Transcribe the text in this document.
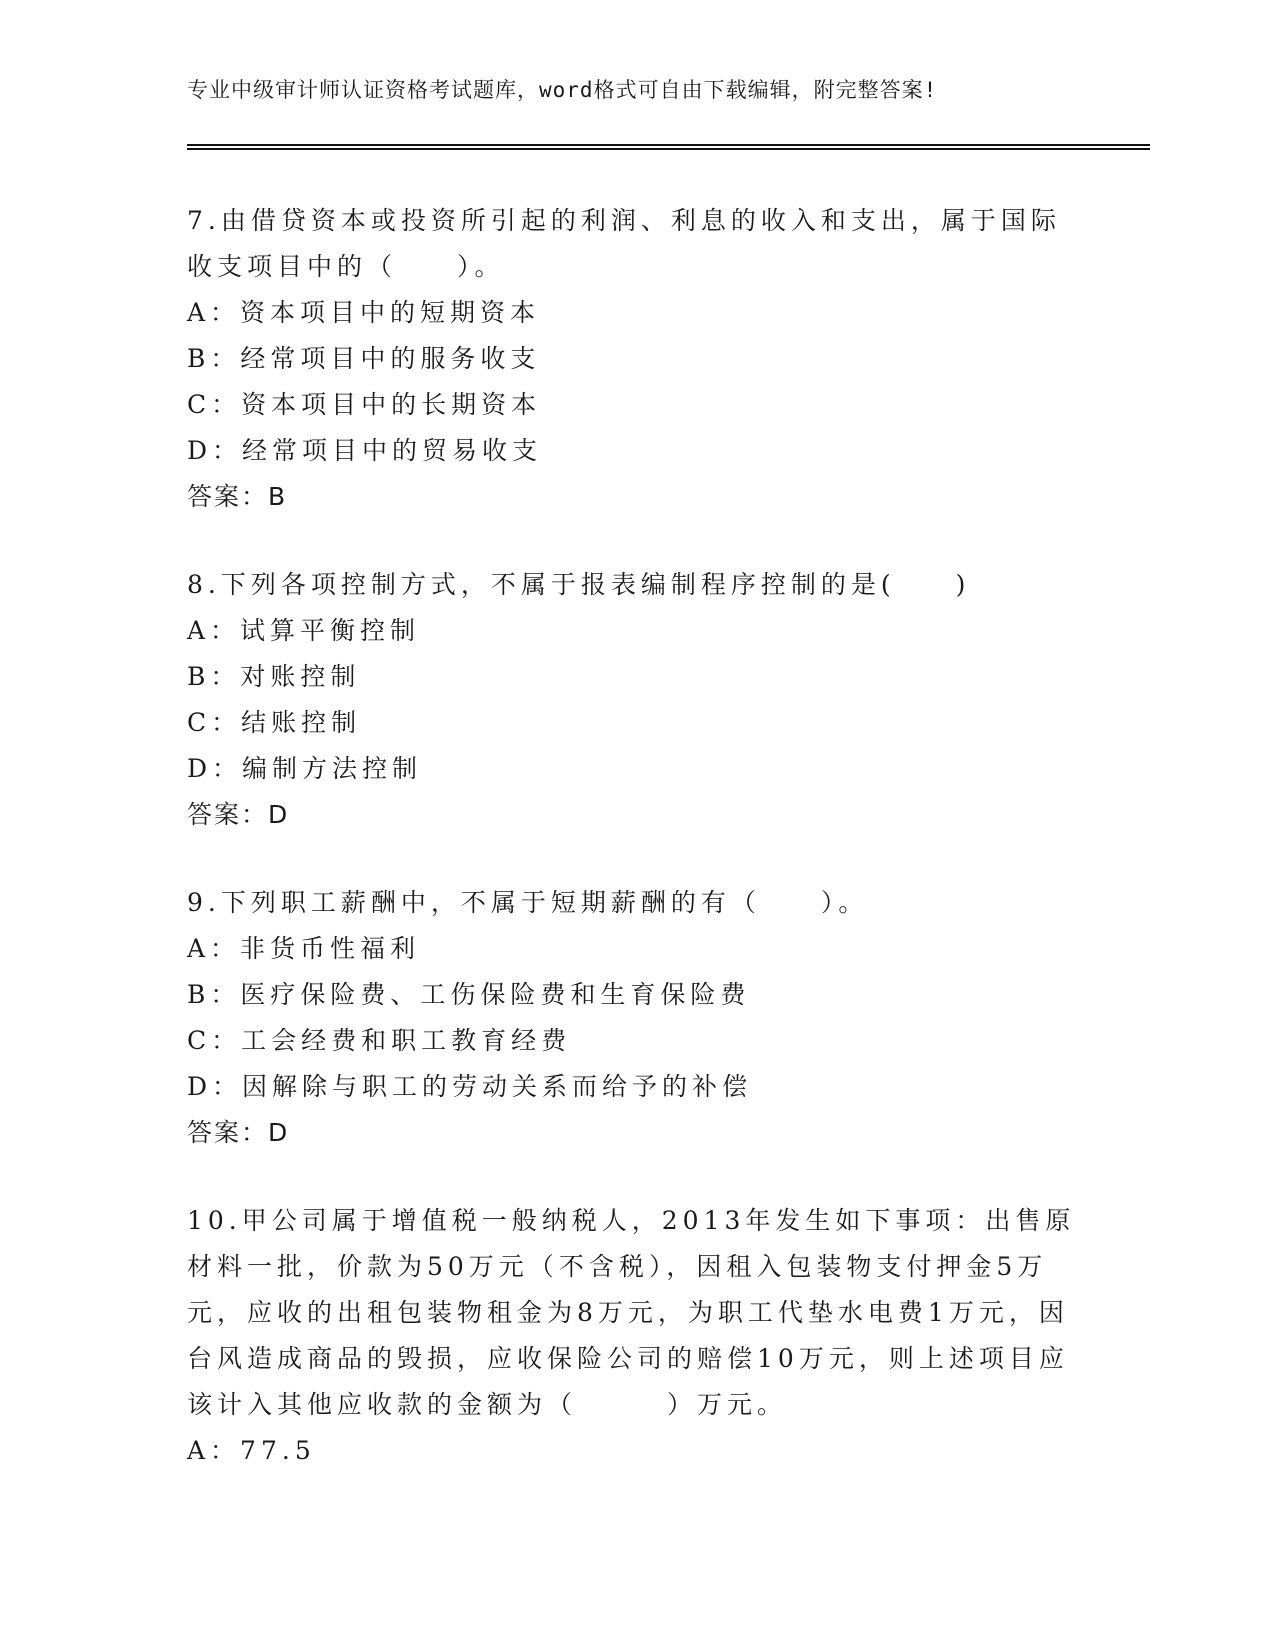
专业中级审计师认证资格考试题库，word格式可自由下载编辑，附完整答案!

7.由借贷资本或投资所引起的利润、利息的收入和支出，属于国际收支项目中的（　　）。

A：资本项目中的短期资本

B：经常项目中的服务收支

C：资本项目中的长期资本

D：经常项目中的贸易收支

答案：B

8.下列各项控制方式，不属于报表编制程序控制的是(　　)

A：试算平衡控制

B：对账控制

C：结账控制

D：编制方法控制

答案：D

9.下列职工薪酬中，不属于短期薪酬的有（　　）。

A：非货币性福利

B：医疗保险费、工伤保险费和生育保险费

C：工会经费和职工教育经费

D：因解除与职工的劳动关系而给予的补偿

答案：D

10.甲公司属于增值税一般纳税人，2013年发生如下事项：出售原材料一批，价款为50万元（不含税），因租入包装物支付押金5万元，应收的出租包装物租金为8万元，为职工代垫水电费1万元，因台风造成商品的毁损，应收保险公司的赔偿10万元，则上述项目应该计入其他应收款的金额为（　　　）万元。

A：77.5
